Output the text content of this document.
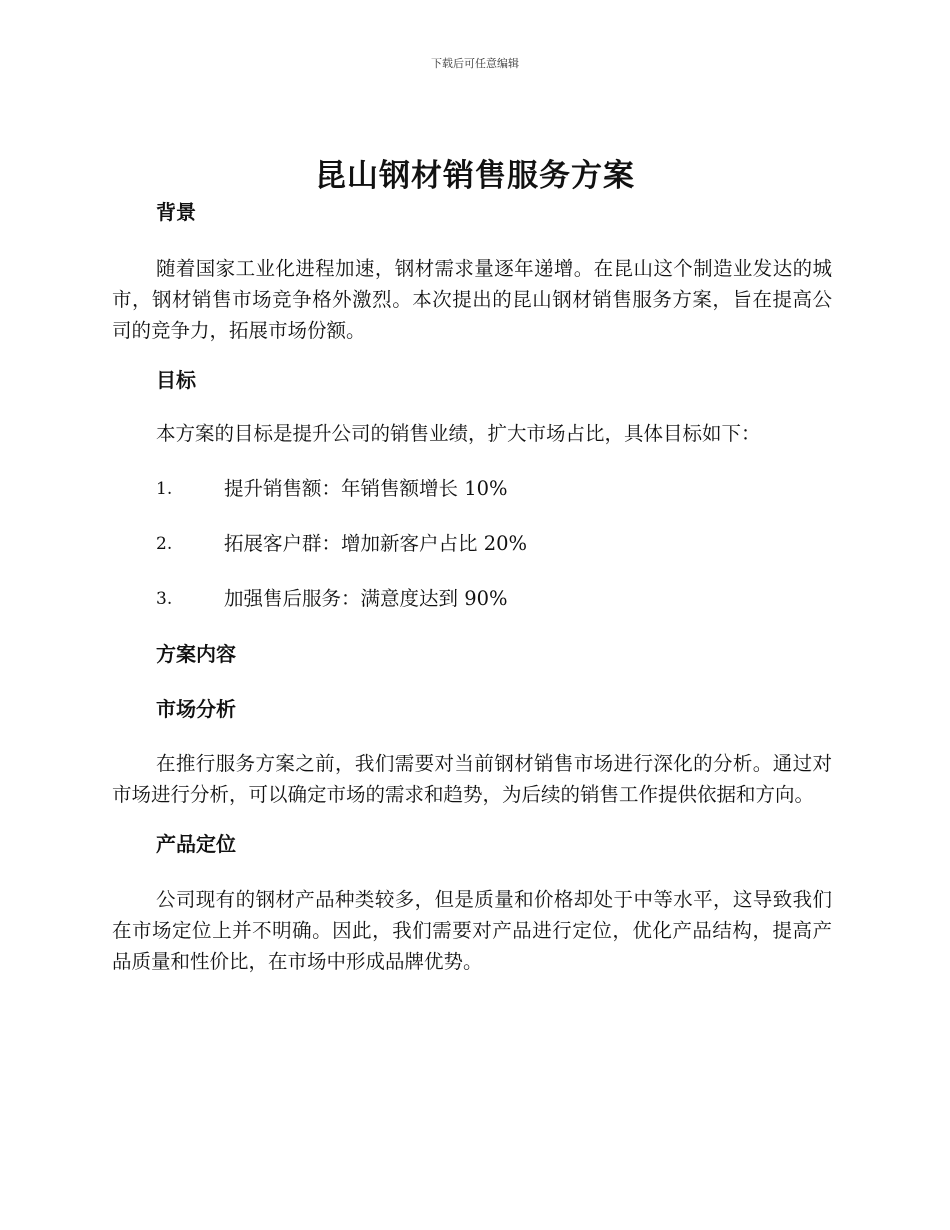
下载后可任意编辑
昆山钢材销售服务方案
背景
随着国家工业化进程加速，钢材需求量逐年递增。在昆山这个制造业发达的城市，钢材销售市场竞争格外激烈。本次提出的昆山钢材销售服务方案，旨在提高公司的竞争力，拓展市场份额。
目标
本方案的目标是提升公司的销售业绩，扩大市场占比，具体目标如下：
1.	提升销售额：年销售额增长 10%
2.	拓展客户群：增加新客户占比 20%
3.	加强售后服务：满意度达到 90%
方案内容
市场分析
在推行服务方案之前，我们需要对当前钢材销售市场进行深化的分析。通过对市场进行分析，可以确定市场的需求和趋势，为后续的销售工作提供依据和方向。
产品定位
公司现有的钢材产品种类较多，但是质量和价格却处于中等水平，这导致我们在市场定位上并不明确。因此，我们需要对产品进行定位，优化产品结构，提高产品质量和性价比，在市场中形成品牌优势。
